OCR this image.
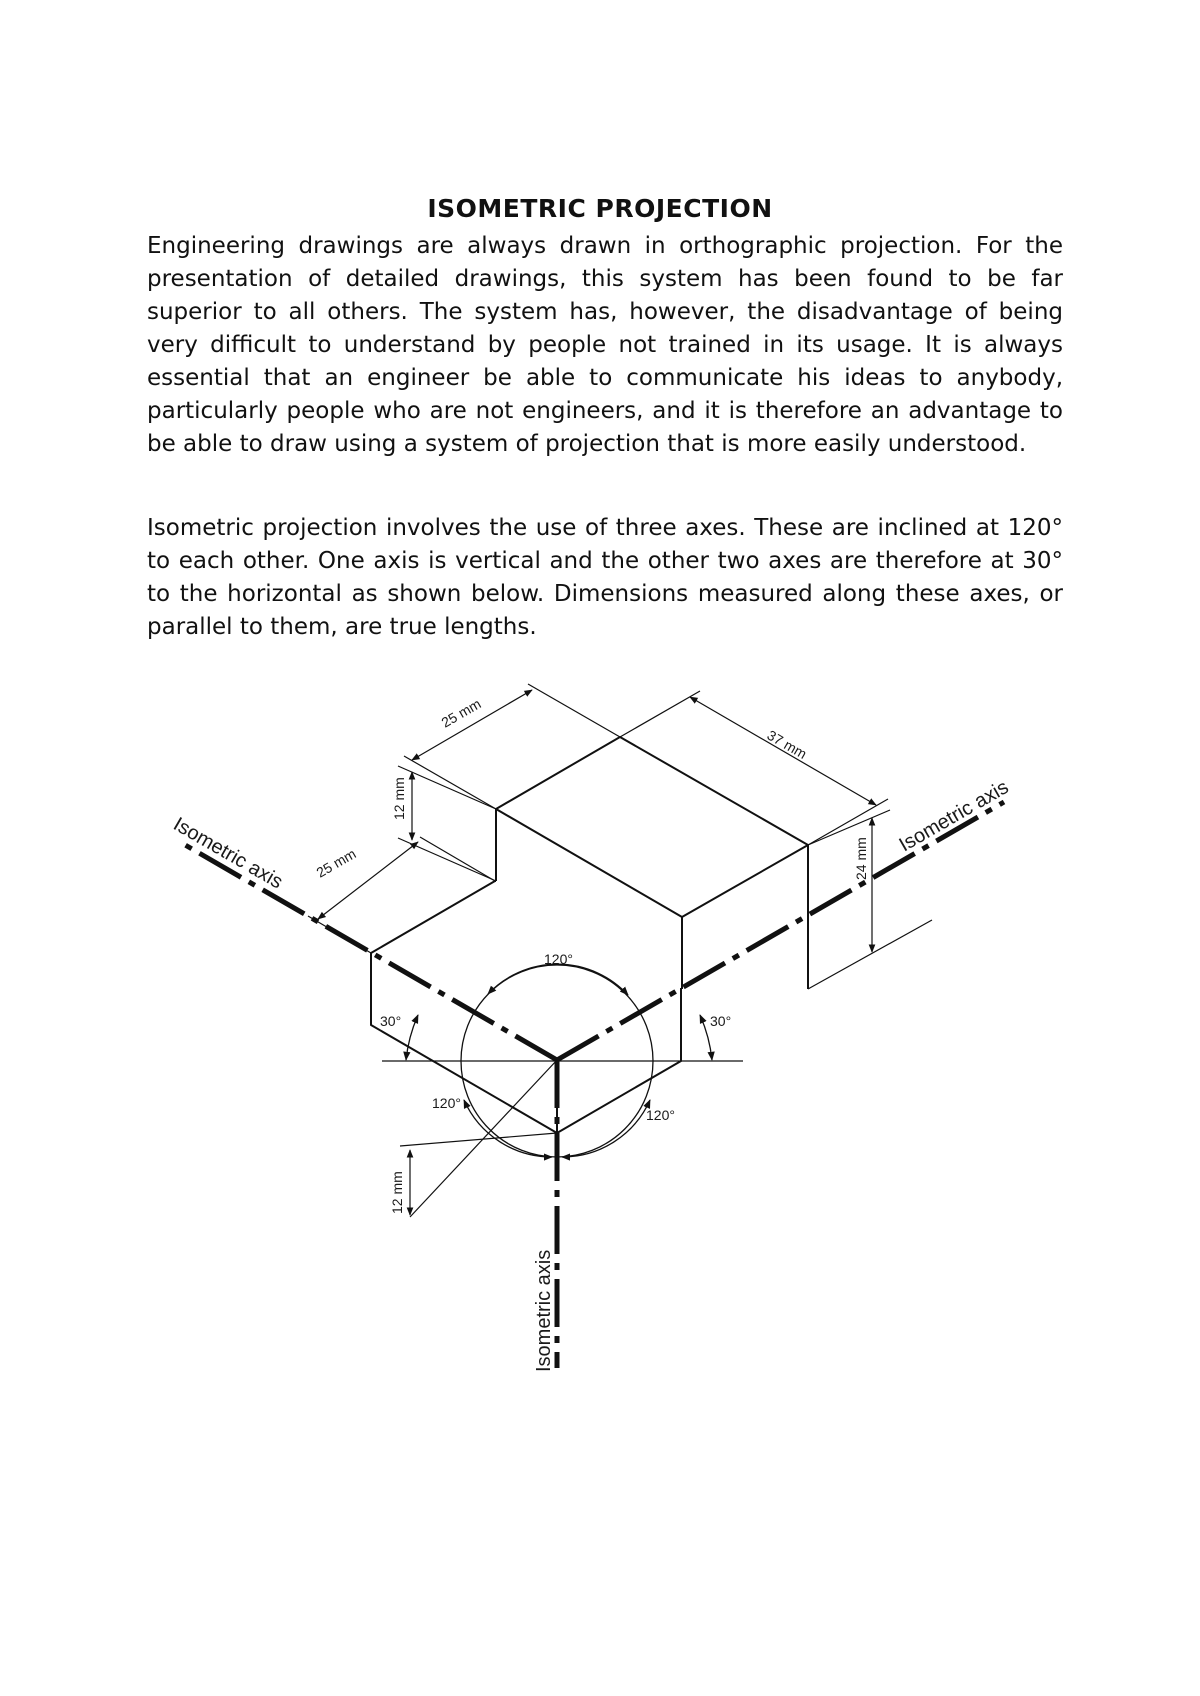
ISOMETRIC PROJECTION

Engineering drawings are always drawn in orthographic projection. For the presentation of detailed drawings, this system has been found to be far superior to all others. The system has, however, the disadvantage of being very difficult to understand by people not trained in its usage. It is always essential that an engineer be able to communicate his ideas to anybody, particularly people who are not engineers, and it is therefore an advantage to be able to draw using a system of projection that is more easily understood.

Isometric projection involves the use of three axes. These are inclined at 120° to each other. One axis is vertical and the other two axes are therefore at 30° to the horizontal as shown below. Dimensions measured along these axes, or parallel to them, are true lengths.

Isometric axis	Isometric axis
Isometric axis
25 mm
37 mm
12 mm
25 mm	24 mm
12 mm
120°
120°
120°
30°	30°
